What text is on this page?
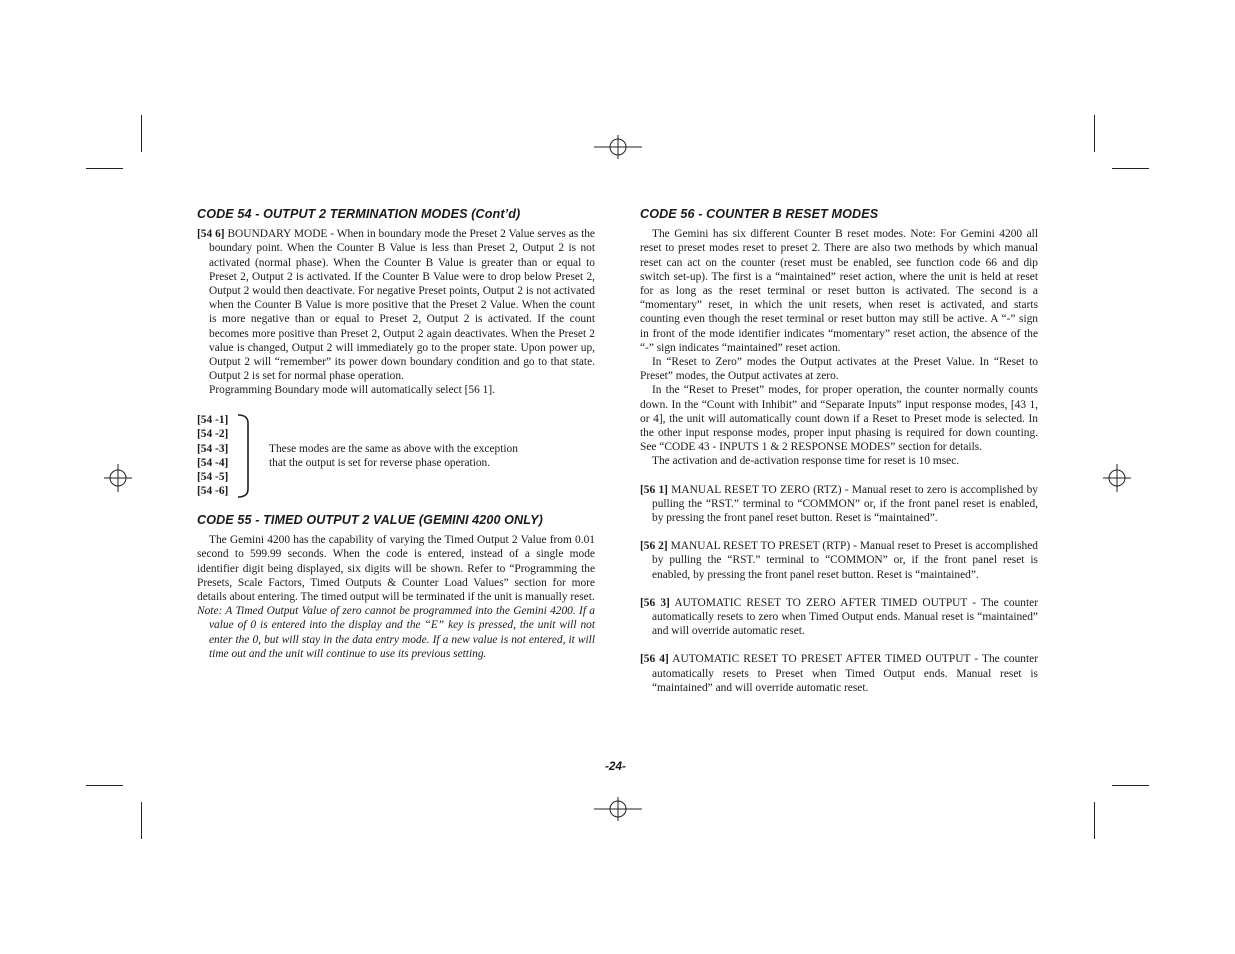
CODE 54 - OUTPUT 2 TERMINATION MODES (Cont’d)

[54 6] BOUNDARY MODE - When in boundary mode the Preset 2 Value serves as the boundary point. When the Counter B Value is less than Preset 2, Output 2 is not activated (normal phase). When the Counter B Value is greater than or equal to Preset 2, Output 2 is activated. If the Counter B Value were to drop below Preset 2, Output 2 would then deactivate. For negative Preset points, Output 2 is not activated when the Counter B Value is more positive that the Preset 2 Value. When the count is more negative than or equal to Preset 2, Output 2 is activated. If the count becomes more positive than Preset 2, Output 2 again deactivates. When the Preset 2 value is changed, Output 2 will immediately go to the proper state. Upon power up, Output 2 will “remember” its power down boundary condition and go to that state. Output 2 is set for normal phase operation.

Programming Boundary mode will automatically select [56 1].

[54 -1]
[54 -2]
[54 -3]
[54 -4]
[54 -5]
[54 -6]
These modes are the same as above with the exception
that the output is set for reverse phase operation.
CODE 55 - TIMED OUTPUT 2 VALUE (GEMINI 4200 ONLY)

The Gemini 4200 has the capability of varying the Timed Output 2 Value from 0.01 second to 599.99 seconds. When the code is entered, instead of a single mode identifier digit being displayed, six digits will be shown. Refer to “Programming the Presets, Scale Factors, Timed Outputs & Counter Load Values” section for more details about entering. The timed output will be terminated if the unit is manually reset.

Note: A Timed Output Value of zero cannot be programmed into the Gemini 4200. If a value of 0 is entered into the display and the “E” key is pressed, the unit will not enter the 0, but will stay in the data entry mode. If a new value is not entered, it will time out and the unit will continue to use its previous setting.

CODE 56 - COUNTER B RESET MODES

The Gemini has six different Counter B reset modes. Note: For Gemini 4200 all reset to preset modes reset to preset 2. There are also two methods by which manual reset can act on the counter (reset must be enabled, see function code 66 and dip switch set-up). The first is a “maintained” reset action, where the unit is held at reset for as long as the reset terminal or reset button is activated. The second is a “momentary” reset, in which the unit resets, when reset is activated, and starts counting even though the reset terminal or reset button may still be active. A “-” sign in front of the mode identifier indicates “momentary” reset action, the absence of the “-” sign indicates “maintained” reset action.

In “Reset to Zero” modes the Output activates at the Preset Value. In “Reset to Preset” modes, the Output activates at zero.

In the “Reset to Preset” modes, for proper operation, the counter normally counts down. In the “Count with Inhibit” and “Separate Inputs” input response modes, [43 1, or 4], the unit will automatically count down if a Reset to Preset mode is selected. In the other input response modes, proper input phasing is required for down counting. See “CODE 43 - INPUTS 1 & 2 RESPONSE MODES” section for details.

The activation and de-activation response time for reset is 10 msec.

[56 1] MANUAL RESET TO ZERO (RTZ) - Manual reset to zero is accomplished by pulling the “RST.” terminal to “COMMON” or, if the front panel reset is enabled, by pressing the front panel reset button. Reset is “maintained”.

[56 2] MANUAL RESET TO PRESET (RTP) - Manual reset to Preset is accomplished by pulling the “RST.” terminal to “COMMON” or, if the front panel reset is enabled, by pressing the front panel reset button. Reset is “maintained”.

[56 3] AUTOMATIC RESET TO ZERO AFTER TIMED OUTPUT - The counter automatically resets to zero when Timed Output ends. Manual reset is “maintained” and will override automatic reset.

[56 4] AUTOMATIC RESET TO PRESET AFTER TIMED OUTPUT - The counter automatically resets to Preset when Timed Output ends. Manual reset is “maintained” and will override automatic reset.

-24-
